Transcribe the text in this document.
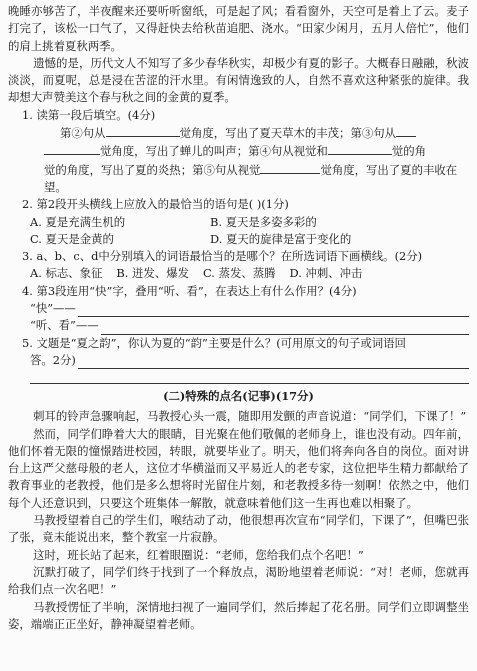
晚睡亦够苦了，半夜醒来还要听听窗纸，可是起了风；看看窗外，天空可是着上了云。麦子打完了，该松一口气了，又得赶快去给秋苗追肥、浇水。“田家少闲月，五月人倍忙”，他们的肩上挑着夏秋两季。

遗憾的是，历代文人不知写了多少春华秋实，却极少有夏的影子。大概春日融融，秋波淡淡，而夏呢，总是浸在苦涩的汗水里。有闲情逸致的人，自然不喜欢这种紧张的旋律。我却想大声赞美这个春与秋之间的金黄的夏季。

1. 读第一段后填空。(4分)

第②句从	觉角度，写出了夏天草木的丰茂；第③句从

觉角度，写出了蝉儿的叫声；第④句从视觉和	觉的角

觉的角度，写出了夏的炎热；第⑤句从视觉	觉角度，写出了夏的丰收在望。

2. 第2段开头横线上应放入的最恰当的语句是( )(1分)

A. 夏是充满生机的	B. 夏天是多姿多彩的
C. 夏天是金黄的	D. 夏天的旋律是富于变化的

3. a、b、c、d中分别填入的词语最恰当的是哪个？在所选词语下画横线。(2分)

A. 标志、象征 B. 迸发、爆发 C. 蒸发、蒸腾 D. 冲刺、冲击

4. 第3段连用“快”字，叠用“听、看”，在表达上有什么作用？(4分)

“快”——
“听、看”——

5. 文题是“夏之韵”，你认为夏的“韵”主要是什么？(可用原文的句子或词语回

答。2分)
(二)特殊的点名(记事)(17分)

刺耳的铃声急骤响起，马教授心头一震，随即用发颤的声音说道：“同学们，下课了！”

然而，同学们睁着大大的眼睛，目光聚在他们敬佩的老师身上，谁也没有动。四年前，他们怀着无限的憧憬踏进校园，转眼，就要毕业了。明天，他们将奔向各自的岗位。面对讲台上这严父慈母般的老人，这位才华横溢而又平易近人的老专家，这位把毕生精力都献给了教育事业的老教授，他们是多么想将时光留住片刻，和老教授多待一刻啊！依然之中，他们每个人还意识到，只要这个班集体一解散，就意味着他们这一生再也难以相聚了。

马教授望着自己的学生们，喉结动了动，他很想再次宣布“同学们，下课了”，但嘴巴张了张，竟未能说出来，整个教室一片寂静。

这时，班长站了起来，红着眼圈说：“老师，您给我们点个名吧！”

沉默打破了，同学们终于找到了一个释放点，渴盼地望着老师说：“对！老师，您就再给我们点一次名吧！”

马教授愣怔了半响，深情地扫视了一遍同学们，然后捧起了花名册。同学们立即调整坐姿，端端正正坐好，静神凝望着老师。
